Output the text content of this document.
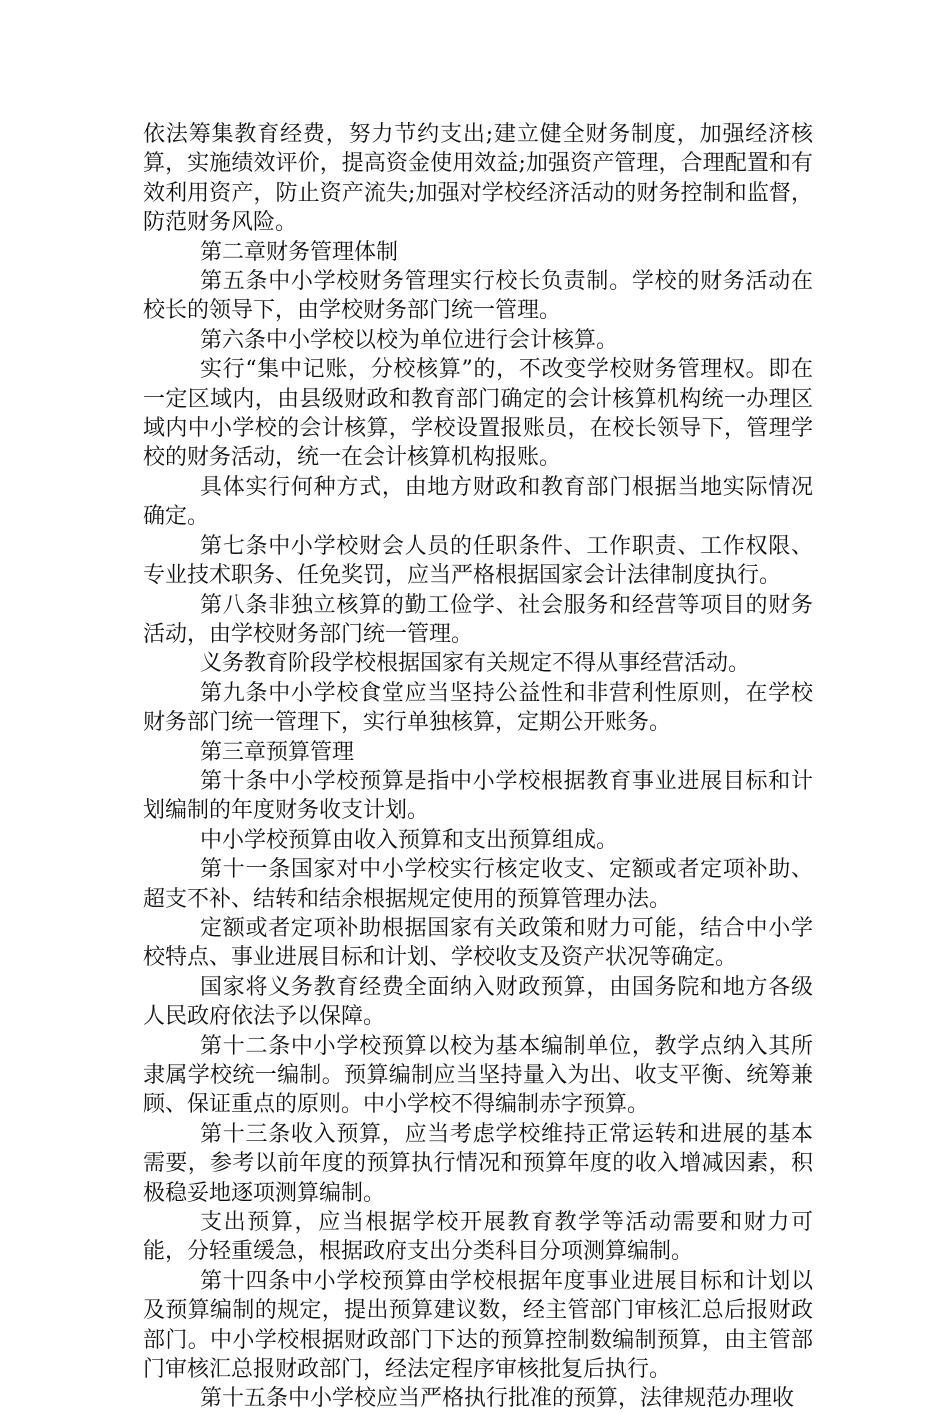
依法筹集教育经费，努力节约支出;建立健全财务制度，加强经济核算，实施绩效评价，提高资金使用效益;加强资产管理，合理配置和有效利用资产，防止资产流失;加强对学校经济活动的财务控制和监督，防范财务风险。

第二章财务管理体制

第五条中小学校财务管理实行校长负责制。学校的财务活动在校长的领导下，由学校财务部门统一管理。

第六条中小学校以校为单位进行会计核算。

实行“集中记账，分校核算”的，不改变学校财务管理权。即在一定区域内，由县级财政和教育部门确定的会计核算机构统一办理区域内中小学校的会计核算，学校设置报账员，在校长领导下，管理学校的财务活动，统一在会计核算机构报账。

具体实行何种方式，由地方财政和教育部门根据当地实际情况确定。

第七条中小学校财会人员的任职条件、工作职责、工作权限、专业技术职务、任免奖罚，应当严格根据国家会计法律制度执行。

第八条非独立核算的勤工俭学、社会服务和经营等项目的财务活动，由学校财务部门统一管理。

义务教育阶段学校根据国家有关规定不得从事经营活动。

第九条中小学校食堂应当坚持公益性和非营利性原则，在学校财务部门统一管理下，实行单独核算，定期公开账务。

第三章预算管理

第十条中小学校预算是指中小学校根据教育事业进展目标和计划编制的年度财务收支计划。

中小学校预算由收入预算和支出预算组成。

第十一条国家对中小学校实行核定收支、定额或者定项补助、超支不补、结转和结余根据规定使用的预算管理办法。

定额或者定项补助根据国家有关政策和财力可能，结合中小学校特点、事业进展目标和计划、学校收支及资产状况等确定。

国家将义务教育经费全面纳入财政预算，由国务院和地方各级人民政府依法予以保障。

第十二条中小学校预算以校为基本编制单位，教学点纳入其所隶属学校统一编制。预算编制应当坚持量入为出、收支平衡、统筹兼顾、保证重点的原则。中小学校不得编制赤字预算。

第十三条收入预算，应当考虑学校维持正常运转和进展的基本需要，参考以前年度的预算执行情况和预算年度的收入增减因素，积极稳妥地逐项测算编制。

支出预算，应当根据学校开展教育教学等活动需要和财力可能，分轻重缓急，根据政府支出分类科目分项测算编制。

第十四条中小学校预算由学校根据年度事业进展目标和计划以及预算编制的规定，提出预算建议数，经主管部门审核汇总后报财政部门。中小学校根据财政部门下达的预算控制数编制预算，由主管部门审核汇总报财政部门，经法定程序审核批复后执行。

第十五条中小学校应当严格执行批准的预算，法律规范办理收
